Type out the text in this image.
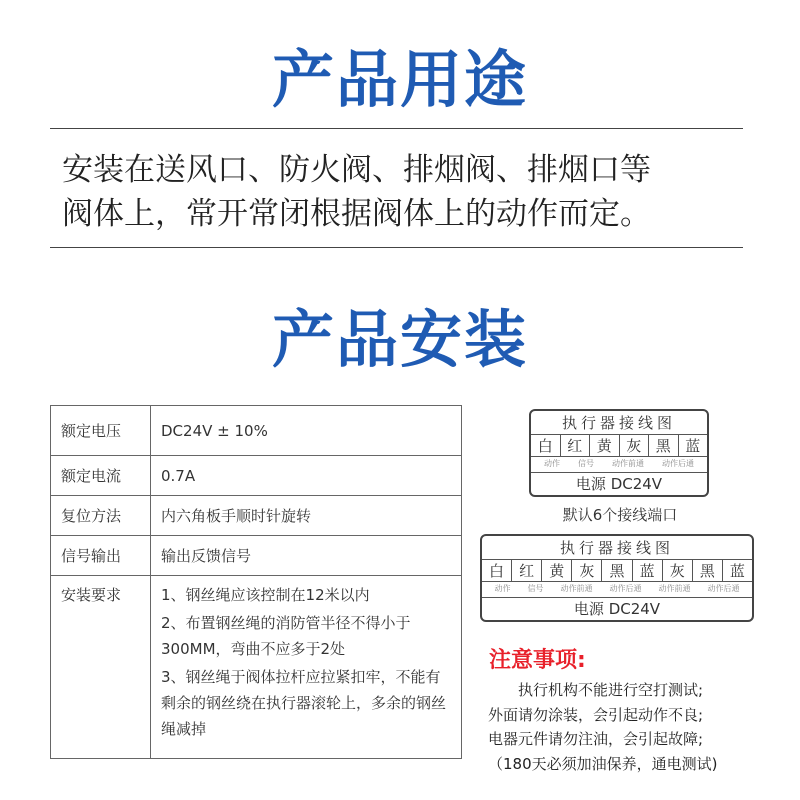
产品用途
安装在送风口、防火阀、排烟阀、排烟口等
阀体上，常开常闭根据阀体上的动作而定。
产品安装
额定电压	DC24V ± 10%
额定电流	0.7A
复位方法	内六角板手顺时针旋转
信号输出	输出反馈信号
安装要求	1、钢丝绳应该控制在12米以内
2、布置钢丝绳的消防管半径不得小于300MM，弯曲不应多于2处
3、钢丝绳于阀体拉杆应拉紧扣牢，不能有剩余的钢丝绕在执行器滚轮上，多余的钢丝绳减掉
执行器接线图
白 红 黄 灰 黑 蓝
动作 信号 动作前通 动作后通
电源 DC24V
默认6个接线端口
执行器接线图
白	红	黄	灰	黑	蓝	灰	黑	蓝
动作 信号 动作前通 动作后通 动作前通 动作后通
电源 DC24V
注意事项:
　　执行机构不能进行空打测试;
外面请勿涂装，会引起动作不良;
电器元件请勿注油，会引起故障;
（180天必须加油保养，通电测试)
